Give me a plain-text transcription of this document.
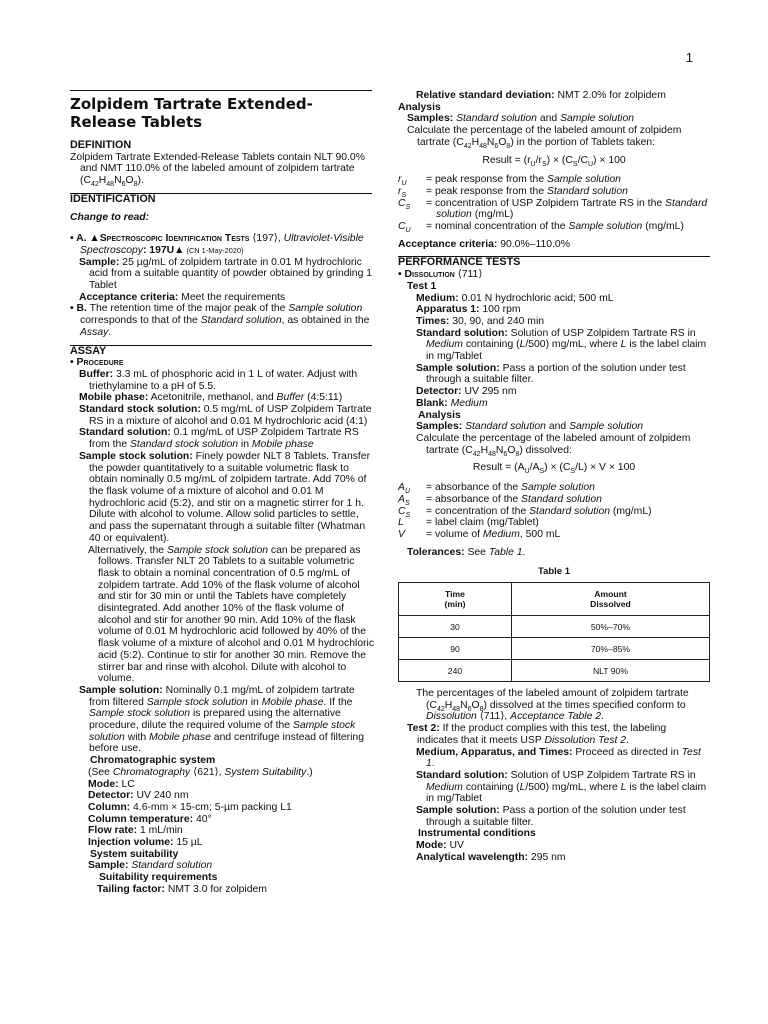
1
Zolpidem Tartrate Extended-Release Tablets
DEFINITION

Zolpidem Tartrate Extended-Release Tablets contain NLT 90.0% and NMT 110.0% of the labeled amount of zolpidem tartrate $(C_{42}H_{48}N_6O_8)$.

IDENTIFICATION

Change to read:

• A. ▲Spectroscopic Identification Tests ⟨197⟩, Ultraviolet-Visible Spectroscopy: 197U▲ (CN 1-May-2020)

Sample: 25 µg/mL of zolpidem tartrate in 0.01 M hydrochloric acid from a suitable quantity of powder obtained by grinding 1 Tablet

Acceptance criteria: Meet the requirements

• B. The retention time of the major peak of the Sample solution corresponds to that of the Standard solution, as obtained in the Assay.

ASSAY

• Procedure

Buffer: 3.3 mL of phosphoric acid in 1 L of water. Adjust with triethylamine to a pH of 5.5.

Mobile phase: Acetonitrile, methanol, and Buffer (4:5:11)

Standard stock solution: 0.5 mg/mL of USP Zolpidem Tartrate RS in a mixture of alcohol and 0.01 M hydrochloric acid (4:1)

Standard solution: 0.1 mg/mL of USP Zolpidem Tartrate RS from the Standard stock solution in Mobile phase

Sample stock solution: Finely powder NLT 8 Tablets. Transfer the powder quantitatively to a suitable volumetric flask to obtain nominally 0.5 mg/mL of zolpidem tartrate. Add 70% of the flask volume of a mixture of alcohol and 0.01 M hydrochloric acid (5:2), and stir on a magnetic stirrer for 1 h. Dilute with alcohol to volume. Allow solid particles to settle, and pass the supernatant through a suitable filter (Whatman 40 or equivalent).

Alternatively, the Sample stock solution can be prepared as follows. Transfer NLT 20 Tablets to a suitable volumetric flask to obtain a nominal concentration of 0.5 mg/mL of zolpidem tartrate. Add 10% of the flask volume of alcohol and stir for 30 min or until the Tablets have completely disintegrated. Add another 10% of the flask volume of alcohol and stir for another 90 min. Add 10% of the flask volume of 0.01 M hydrochloric acid followed by 40% of the flask volume of a mixture of alcohol and 0.01 M hydrochloric acid (5:2). Continue to stir for another 30 min. Remove the stirrer bar and rinse with alcohol. Dilute with alcohol to volume.

Sample solution: Nominally 0.1 mg/mL of zolpidem tartrate from filtered Sample stock solution in Mobile phase. If the Sample stock solution is prepared using the alternative procedure, dilute the required volume of the Sample stock solution with Mobile phase and centrifuge instead of filtering before use.

Chromatographic system

(See Chromatography ⟨621⟩, System Suitability.)

Mode: LC

Detector: UV 240 nm

Column: 4.6-mm × 15-cm; 5-µm packing L1

Column temperature: 40°

Flow rate: 1 mL/min

Injection volume: 15 µL

System suitability

Sample: Standard solution

Suitability requirements

Tailing factor: NMT 3.0 for zolpidem

Relative standard deviation: NMT 2.0% for zolpidem

Analysis

Samples: Standard solution and Sample solution

Calculate the percentage of the labeled amount of zolpidem tartrate $(C_{42}H_{48}N_6O_8)$ in the portion of Tablets taken:

Result = $(r_U/r_S) \times (C_S/C_U) \times 100$

$r_U$	= peak response from the Sample solution
$r_S$	= peak response from the Standard solution
$C_S$	= concentration of USP Zolpidem Tartrate RS in the Standard solution (mg/mL)
$C_U$	= nominal concentration of the Sample solution (mg/mL)

Acceptance criteria: 90.0%–110.0%

PERFORMANCE TESTS

• Dissolution ⟨711⟩

Test 1

Medium: 0.01 N hydrochloric acid; 500 mL

Apparatus 1: 100 rpm

Times: 30, 90, and 240 min

Standard solution: Solution of USP Zolpidem Tartrate RS in Medium containing (L/500) mg/mL, where L is the label claim in mg/Tablet

Sample solution: Pass a portion of the solution under test through a suitable filter.

Detector: UV 295 nm

Blank: Medium

Analysis

Samples: Standard solution and Sample solution

Calculate the percentage of the labeled amount of zolpidem tartrate $(C_{42}H_{48}N_6O_8)$ dissolved:

Result = $(A_U/A_S) \times (C_S/L) \times V \times 100$

$A_U$	= absorbance of the Sample solution
$A_S$	= absorbance of the Standard solution
$C_S$	= concentration of the Standard solution (mg/mL)
L	= label claim (mg/Tablet)
V	= volume of Medium, 500 mL

Tolerances: See Table 1.

Table 1
Time
(min)	Amount
Dissolved
30	50%–70%
90	70%–85%
240	NLT 90%

The percentages of the labeled amount of zolpidem tartrate $(C_{42}H_{48}N_6O_8)$ dissolved at the times specified conform to Dissolution ⟨711⟩, Acceptance Table 2.

Test 2: If the product complies with this test, the labeling indicates that it meets USP Dissolution Test 2.

Medium, Apparatus, and Times: Proceed as directed in Test 1.

Standard solution: Solution of USP Zolpidem Tartrate RS in Medium containing (L/500) mg/mL, where L is the label claim in mg/Tablet

Sample solution: Pass a portion of the solution under test through a suitable filter.

Instrumental conditions

Mode: UV

Analytical wavelength: 295 nm
